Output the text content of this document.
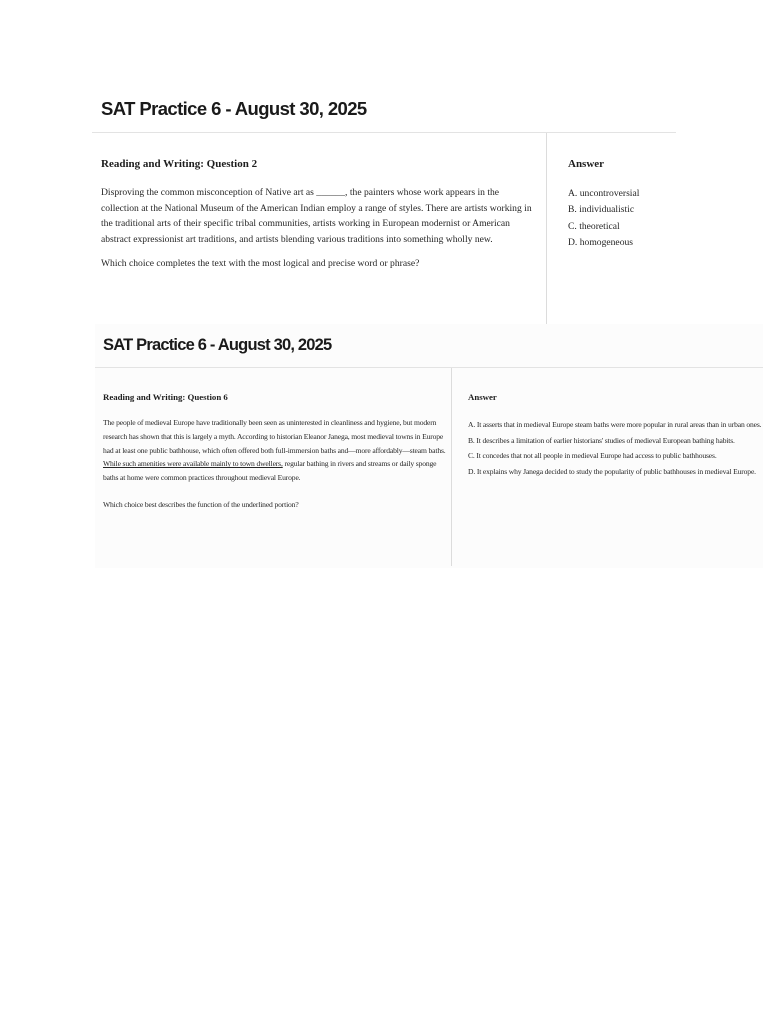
SAT Practice 6 - August 30, 2025
Reading and Writing: Question 2
Disproving the common misconception of Native art as ______, the painters whose work appears in the collection at the National Museum of the American Indian employ a range of styles. There are artists working in the traditional arts of their specific tribal communities, artists working in European modernist or American abstract expressionist art traditions, and artists blending various traditions into something wholly new.
Which choice completes the text with the most logical and precise word or phrase?
Answer
A. uncontroversial
B. individualistic
C. theoretical
D. homogeneous
SAT Practice 6 - August 30, 2025
Reading and Writing: Question 6
The people of medieval Europe have traditionally been seen as uninterested in cleanliness and hygiene, but modern research has shown that this is largely a myth. According to historian Eleanor Janega, most medieval towns in Europe had at least one public bathhouse, which often offered both full-immersion baths and—more affordably—steam baths. While such amenities were available mainly to town dwellers, regular bathing in rivers and streams or daily sponge baths at home were common practices throughout medieval Europe.
Which choice best describes the function of the underlined portion?
Answer
A. It asserts that in medieval Europe steam baths were more popular in rural areas than in urban ones.
B. It describes a limitation of earlier historians' studies of medieval European bathing habits.
C. It concedes that not all people in medieval Europe had access to public bathhouses.
D. It explains why Janega decided to study the popularity of public bathhouses in medieval Europe.
